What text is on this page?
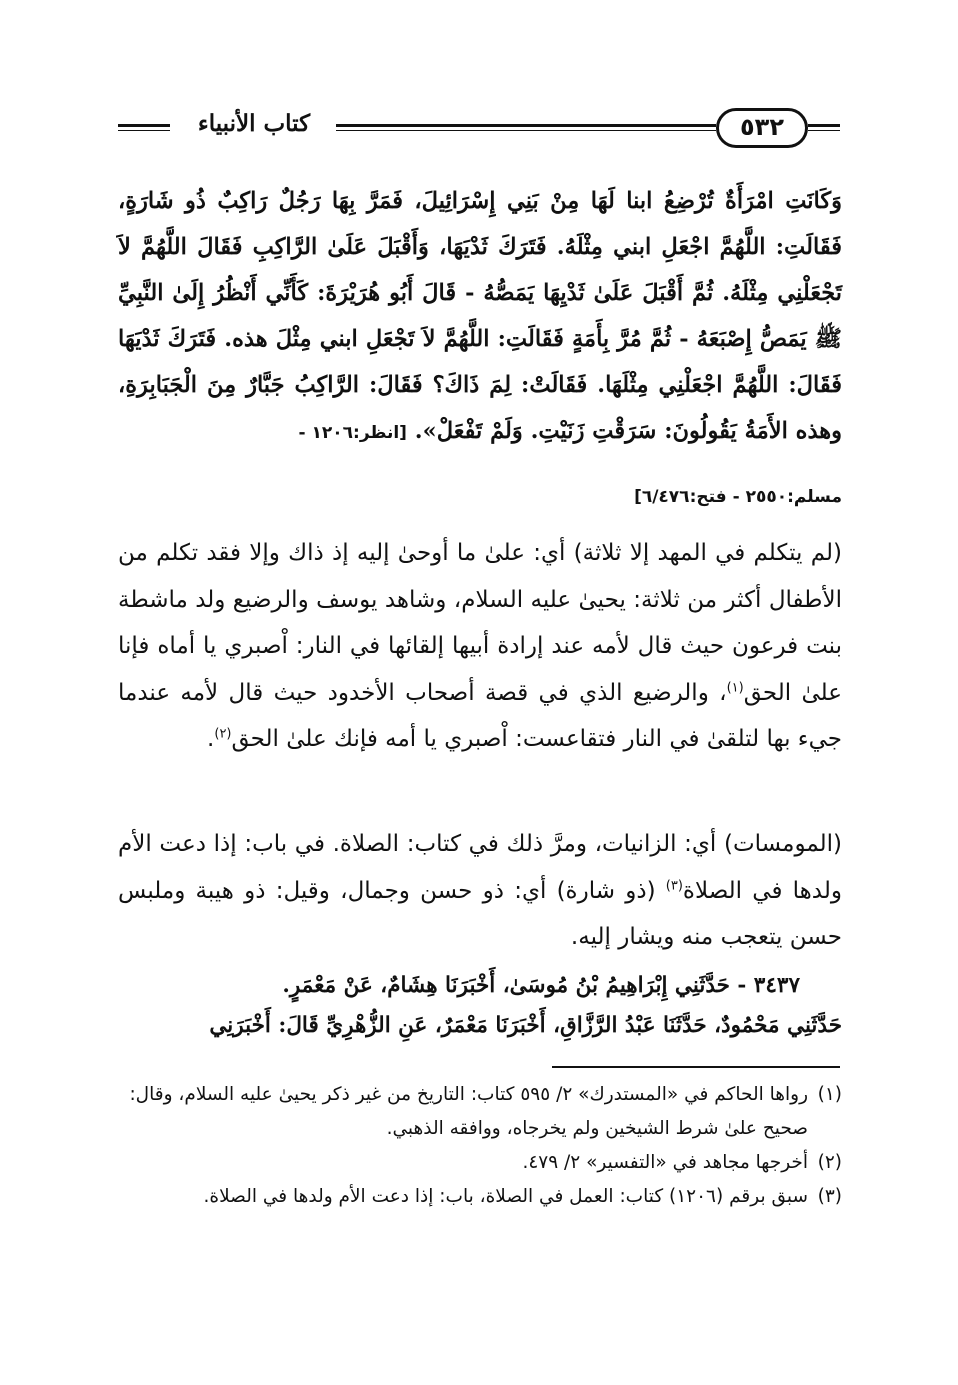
كتاب الأنبياء	٥٣٢
وَكَانَتِ امْرَأَةٌ تُرْضِعُ ابنا لَهَا مِنْ بَنِي إِسْرَائِيلَ، فَمَرَّ بِهَا رَجُلٌ رَاكِبٌ ذُو شَارَةٍ، فَقَالَتِ: اللَّهُمَّ اجْعَلِ ابني مِثْلَهُ. فَتَرَكَ ثَدْيَهَا، وَأَقْبَلَ عَلَىٰ الرَّاكِبِ فَقَالَ اللَّهُمَّ لاَ تَجْعَلْنِي مِثْلَهُ. ثُمَّ أَقْبَلَ عَلَىٰ ثَدْيِهَا يَمَصُّهُ - قَالَ أَبُو هُرَيْرَةَ: كَأَنِّي أَنْظُرُ إِلَىٰ النَّبِيِّ ﷺ يَمَصُّ إِصْبَعَهُ - ثُمَّ مُرَّ بِأَمَةٍ فَقَالَتِ: اللَّهُمَّ لاَ تَجْعَلِ ابني مِثْلَ هذه. فَتَرَكَ ثَدْيَهَا فَقَالَ: اللَّهُمَّ اجْعَلْنِي مِثْلَهَا. فَقَالَتْ: لِمَ ذَاكَ؟ فَقَالَ: الرَّاكِبُ جَبَّارٌ مِنَ الْجَبَابِرَةِ، وهذه الأَمَةُ يَقُولُونَ: سَرَقْتِ زَنَيْتِ. وَلَمْ تَفْعَلْ». [انظر:١٢٠٦ -
مسلم:٢٥٥٠ - فتح:٦/٤٧٦]
(لم يتكلم في المهد إلا ثلاثة) أي: علىٰ ما أوحىٰ إليه إذ ذاك وإلا فقد تكلم من الأطفال أكثر من ثلاثة: يحيىٰ عليه السلام، وشاهد يوسف والرضيع ولد ماشطة بنت فرعون حيث قال لأمه عند إرادة أبيها إلقائها في النار: اْصبري يا أماه فإنا علىٰ الحق$^{(١)}$، والرضيع الذي في قصة أصحاب الأخدود حيث قال لأمه عندما جيء بها لتلقىٰ في النار فتقاعست: اْصبري يا أمه فإنك علىٰ الحق$^{(٢)}$.
(المومسات) أي: الزانيات، ومرَّ ذلك في كتاب: الصلاة. في باب: إذا دعت الأم ولدها في الصلاة$^{(٣)}$ (ذو شارة) أي: ذو حسن وجمال، وقيل: ذو هيبة وملبس حسن يتعجب منه ويشار إليه.
٣٤٣٧ - حَدَّثَنِي إِبْرَاهِيمُ بْنُ مُوسَىٰ، أَخْبَرَنَا هِشَامٌ، عَنْ مَعْمَرٍ.
حَدَّثَنِي مَحْمُودٌ، حَدَّثَنَا عَبْدُ الرَّزَّاقِ، أَخْبَرَنَا مَعْمَرٌ، عَنِ الزُّهْرِيِّ قَالَ: أَخْبَرَنِي

(١)
رواها الحاكم في «المستدرك» ٢/ ٥٩٥ كتاب: التاريخ من غير ذكر يحيىٰ عليه السلام، وقال: صحيح علىٰ شرط الشيخين ولم يخرجاه، ووافقه الذهبي.

(٢)
أخرجها مجاهد في «التفسير» ٢/ ٤٧٩.

(٣)
سبق برقم (١٢٠٦) كتاب: العمل في الصلاة، باب: إذا دعت الأم ولدها في الصلاة.
